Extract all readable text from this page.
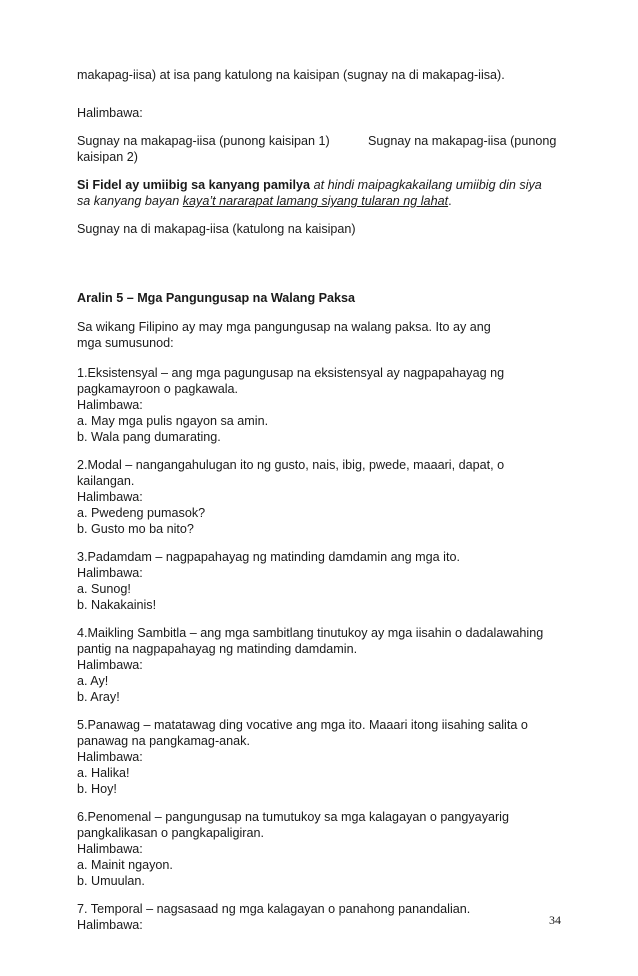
makapag-iisa) at isa pang katulong na kaisipan (sugnay na di makapag-iisa).
Halimbawa:
Sugnay na makapag-iisa (punong kaisipan 1)	Sugnay na makapag-iisa (punong
kaisipan 2)
Si Fidel ay umiibig sa kanyang pamilya at hindi maipagkakailang umiibig din siya
sa kanyang bayan kaya’t nararapat lamang siyang tularan ng lahat.
Sugnay na di makapag-iisa (katulong na kaisipan)
Aralin 5 – Mga Pangungusap na Walang Paksa
Sa wikang Filipino ay may mga pangungusap na walang paksa. Ito ay ang
mga sumusunod:
1.Eksistensyal – ang mga pagungusap na eksistensyal ay nagpapahayag ng
pagkamayroon o pagkawala.
Halimbawa:
a. May mga pulis ngayon sa amin.
b. Wala pang dumarating.
2.Modal – nangangahulugan ito ng gusto, nais, ibig, pwede, maaari, dapat, o
kailangan.
Halimbawa:
a. Pwedeng pumasok?
b. Gusto mo ba nito?
3.Padamdam – nagpapahayag ng matinding damdamin ang mga ito.
Halimbawa:
a. Sunog!
b. Nakakainis!
4.Maikling Sambitla – ang mga sambitlang tinutukoy ay mga iisahin o dadalawahing
pantig na nagpapahayag ng matinding damdamin.
Halimbawa:
a. Ay!
b. Aray!
5.Panawag – matatawag ding vocative ang mga ito. Maaari itong iisahing salita o
panawag na pangkamag-anak.
Halimbawa:
a. Halika!
b. Hoy!
6.Penomenal – pangungusap na tumutukoy sa mga kalagayan o pangyayarig
pangkalikasan o pangkapaligiran.
Halimbawa:
a. Mainit ngayon.
b. Umuulan.
7. Temporal – nagsasaad ng mga kalagayan o panahong panandalian.
Halimbawa:	34
